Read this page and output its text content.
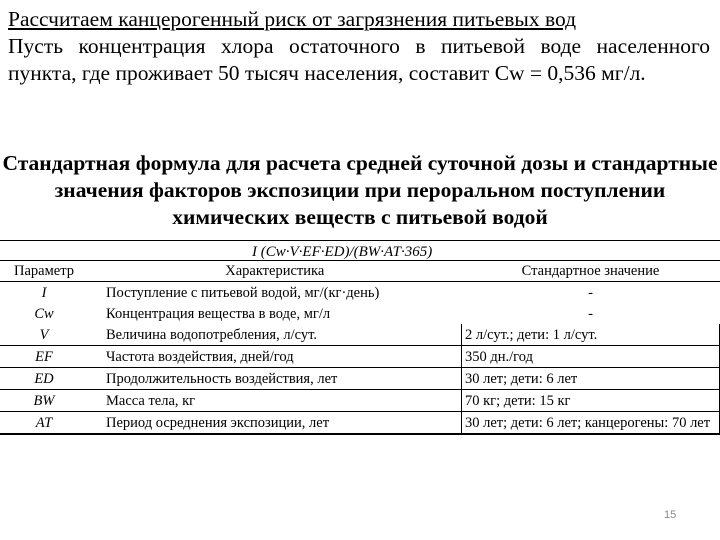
Рассчитаем канцерогенный риск от загрязнения питьевых вод
Пусть концентрация хлора остаточного в питьевой воде населенного пункта, где проживает 50 тысяч населения, составит Cw = 0,536 мг/л.
Стандартная формула для расчета средней суточной дозы и стандартные значения факторов экспозиции при пероральном поступлении химических веществ с питьевой водой
I (Cw·V·EF·ED)/(BW·AT·365)
Параметр	Характеристика	Стандартное значение
I	Поступление с питьевой водой, мг/(кг·день)	-
Cw	Концентрация вещества в воде, мг/л	-
V	Величина водопотребления, л/сут.	2 л/сут.; дети: 1 л/сут.
EF	Частота воздействия, дней/год	350 дн./год
ED	Продолжительность воздействия, лет	30 лет; дети: 6 лет
BW	Масса тела, кг	70 кг; дети: 15 кг
AT	Период осреднения экспозиции, лет	30 лет; дети: 6 лет; канцерогены: 70 лет
15
